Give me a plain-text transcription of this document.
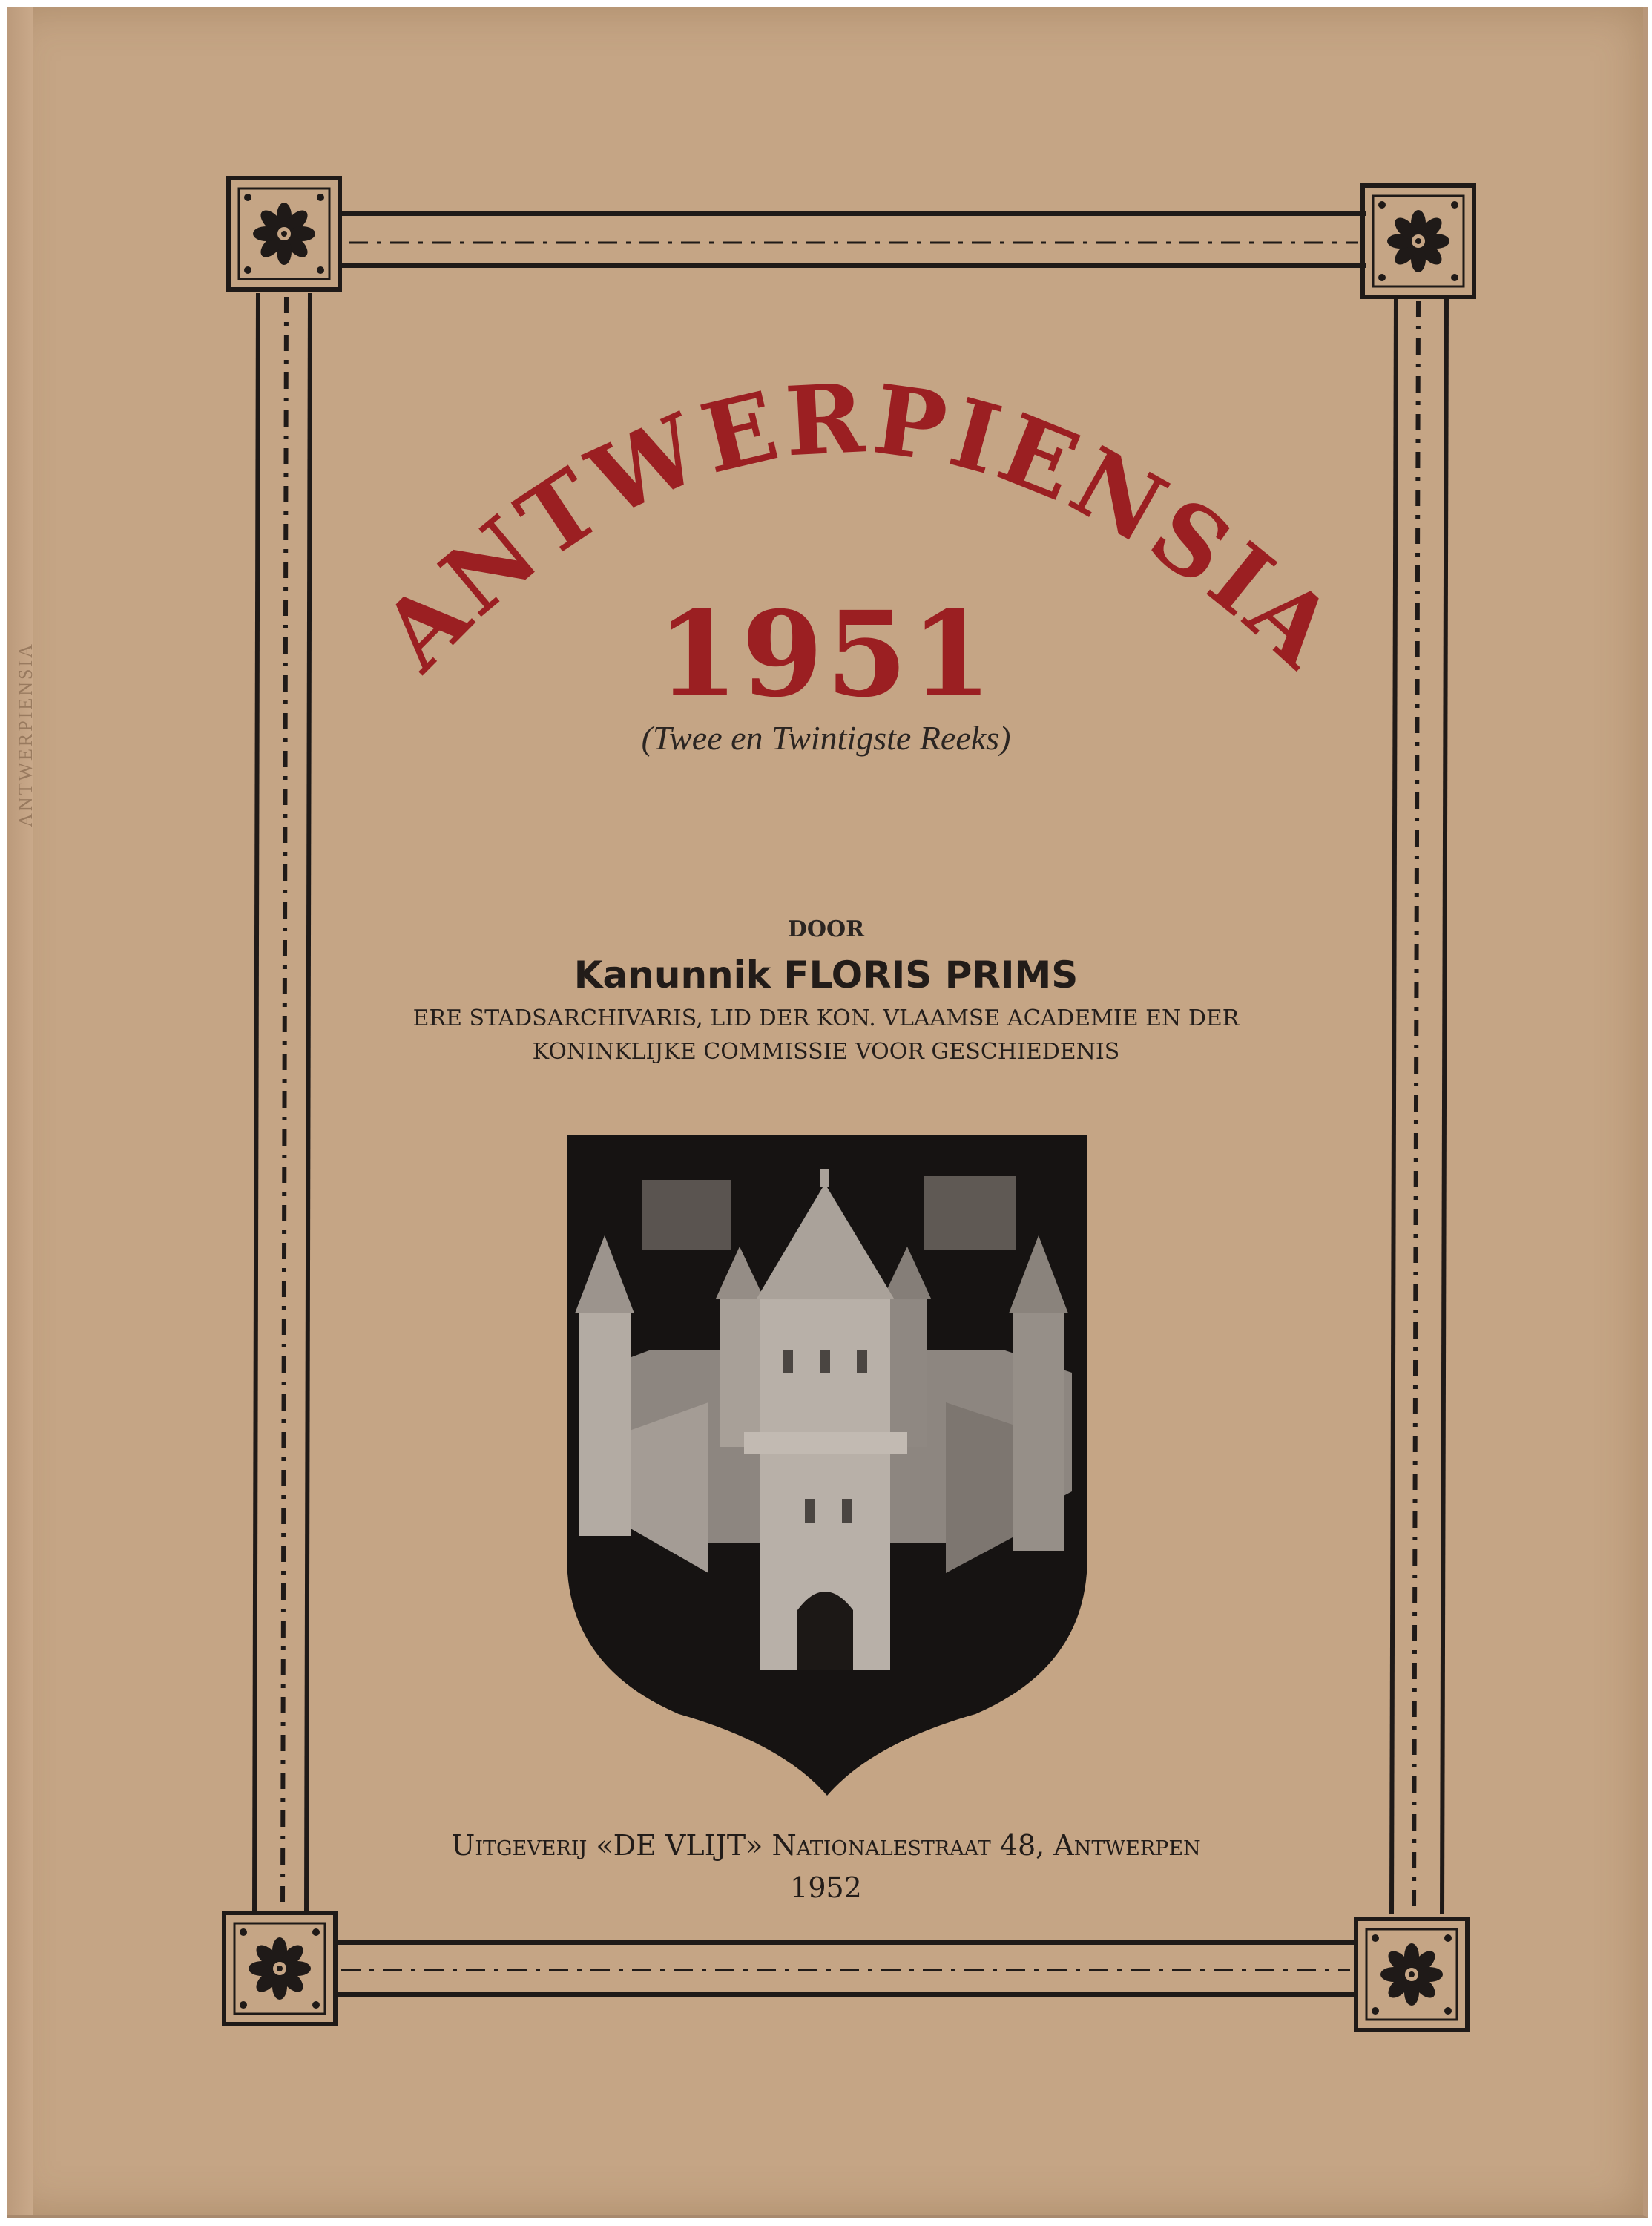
ANTWERPIENSIA
ANTWERPIENSIA
1951
(Twee en Twintigste Reeks)
DOOR
Kanunnik FLORIS PRIMS
ERE STADSARCHIVARIS, LID DER KON. VLAAMSE ACADEMIE EN DER
KONINKLIJKE COMMISSIE VOOR GESCHIEDENIS
Uitgeverij «DE VLIJT» Nationalestraat 48, Antwerpen
1952
